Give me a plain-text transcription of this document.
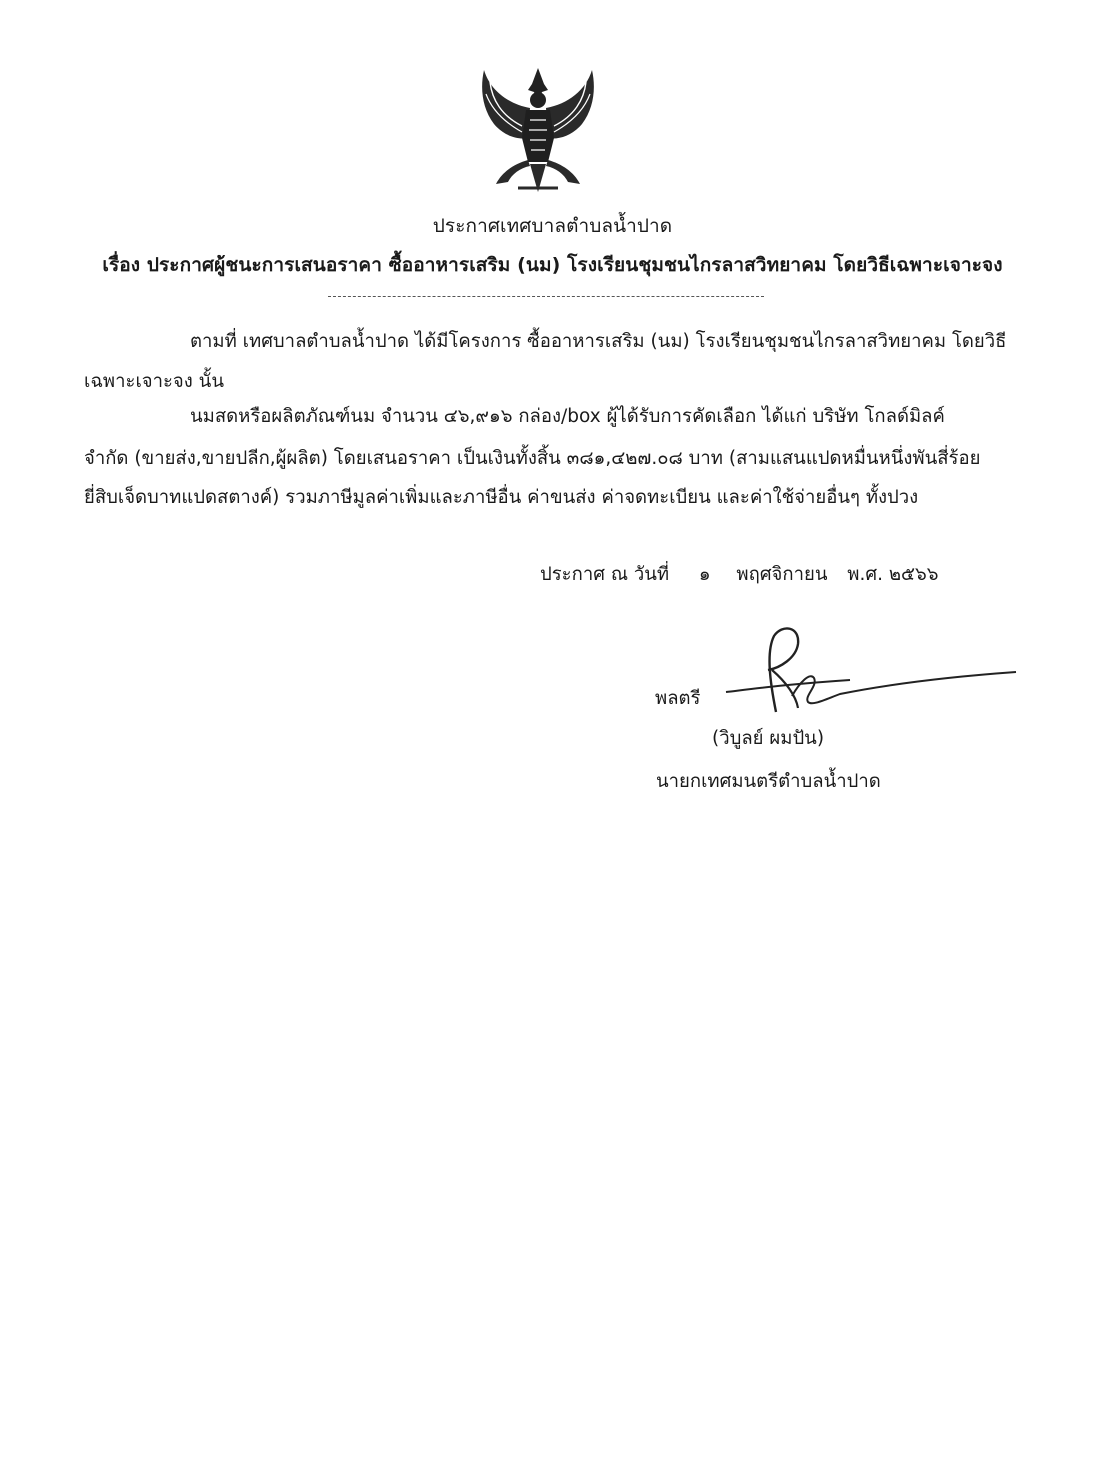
ประกาศเทศบาลตำบลน้ำปาด
เรื่อง ประกาศผู้ชนะการเสนอราคา ซื้ออาหารเสริม (นม) โรงเรียนชุมชนไกรลาสวิทยาคม โดยวิธีเฉพาะเจาะจง
ตามที่ เทศบาลตำบลน้ำปาด ได้มีโครงการ ซื้ออาหารเสริม (นม) โรงเรียนชุมชนไกรลาสวิทยาคม โดยวิธี
เฉพาะเจาะจง นั้น
นมสดหรือผลิตภัณฑ์นม จำนวน ๔๖,๙๑๖ กล่อง/box ผู้ได้รับการคัดเลือก ได้แก่ บริษัท โกลด์มิลค์
จำกัด (ขายส่ง,ขายปลีก,ผู้ผลิต) โดยเสนอราคา เป็นเงินทั้งสิ้น ๓๘๑,๔๒๗.๐๘ บาท (สามแสนแปดหมื่นหนึ่งพันสี่ร้อย
ยี่สิบเจ็ดบาทแปดสตางค์) รวมภาษีมูลค่าเพิ่มและภาษีอื่น ค่าขนส่ง ค่าจดทะเบียน และค่าใช้จ่ายอื่นๆ ทั้งปวง
ประกาศ ณ วันที่ ๑ พฤศจิกายน พ.ศ. ๒๕๖๖
พลตรี
(วิบูลย์ ผมปัน)
นายกเทศมนตรีตำบลน้ำปาด
